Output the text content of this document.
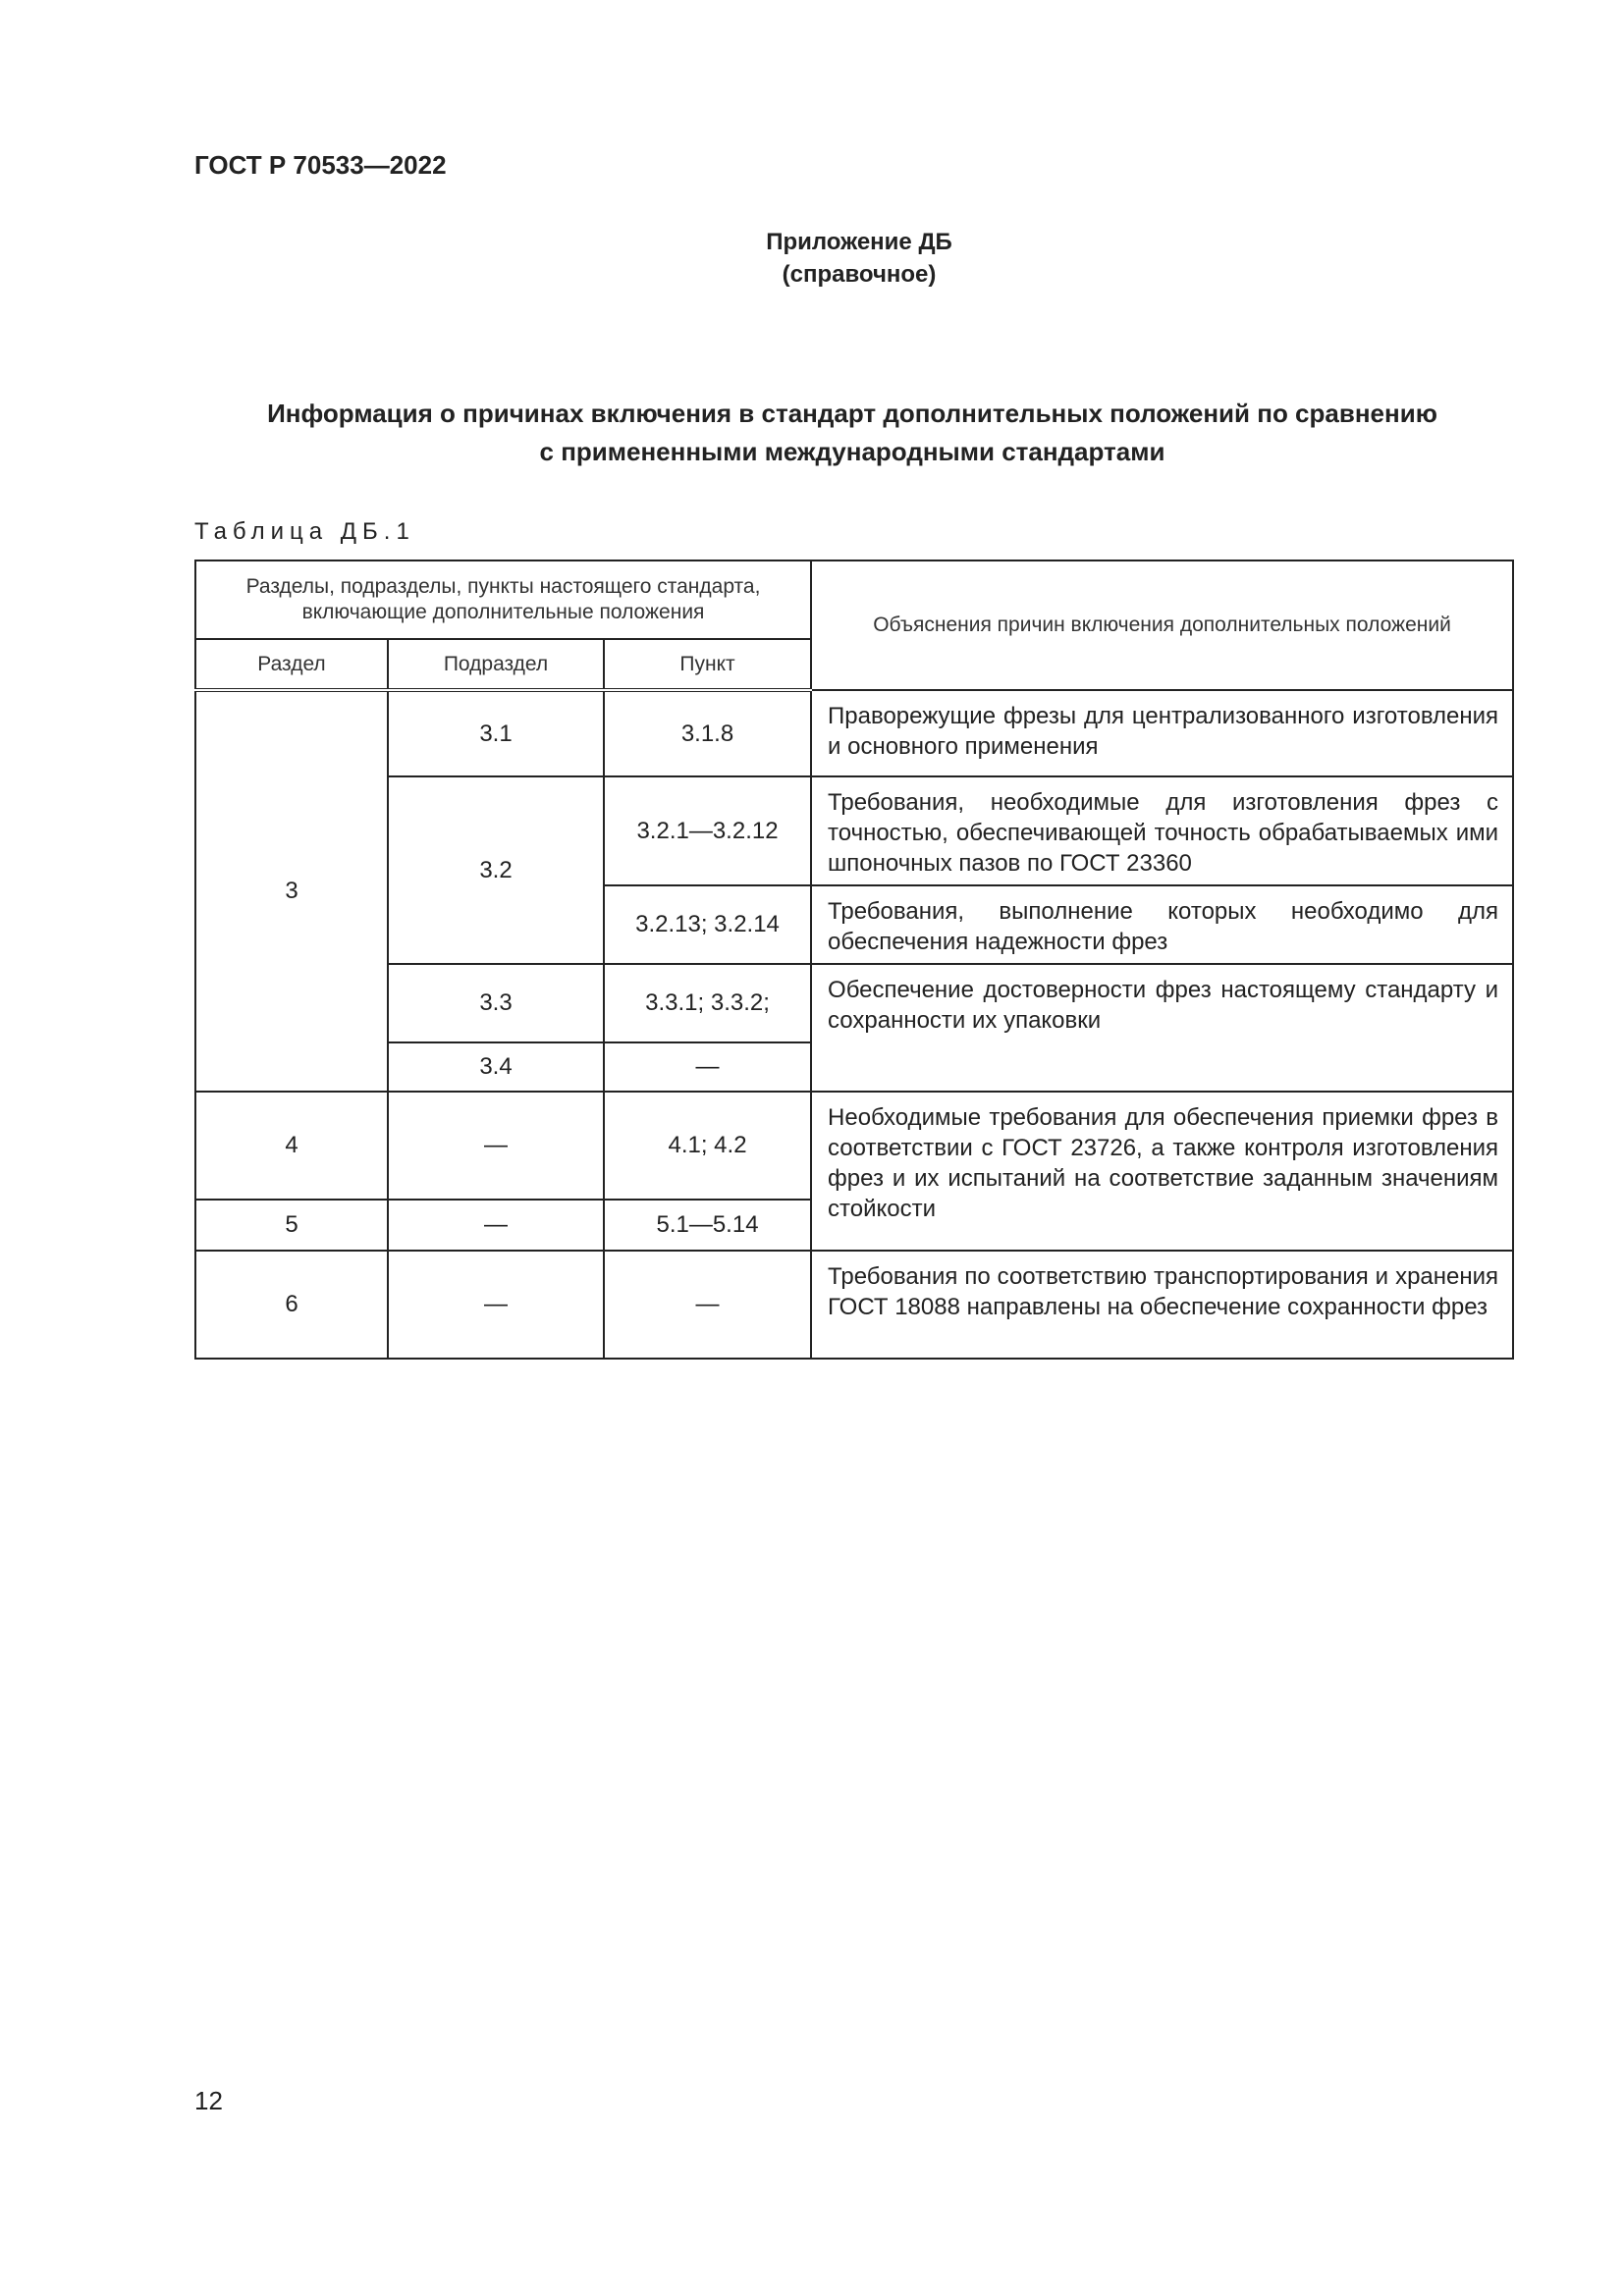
ГОСТ Р 70533—2022
Приложение ДБ
(справочное)
Информация о причинах включения в стандарт дополнительных положений по сравнению
с примененными международными стандартами
Таблица ДБ.1
Разделы, подразделы, пункты настоящего стандарта, включающие дополнительные положения			Объяснения причин включения дополнительных положений
Раздел	Подраздел	Пункт	
3	3.1	3.1.8	Праворежущие фрезы для централизованного изготовления и основного применения
	3.2	3.2.1—3.2.12	Требования, необходимые для изготовления фрез с точностью, обеспечивающей точность обрабатываемых ими шпоночных пазов по ГОСТ 23360
		3.2.13; 3.2.14	Требования, выполнение которых необходимо для обеспечения надежности фрез
	3.3	3.3.1; 3.3.2;	Обеспечение достоверности фрез настоящему стандарту и сохранности их упаковки
	3.4	—	
4	—	4.1; 4.2	Необходимые требования для обеспечения приемки фрез в соответствии с ГОСТ 23726, а также контроля изготовления фрез и их испытаний на соответствие заданным значениям стойкости
5	—	5.1—5.14	
6	—	—	Требования по соответствию транспортирования и хранения ГОСТ 18088 направлены на обеспечение сохранности фрез
12
